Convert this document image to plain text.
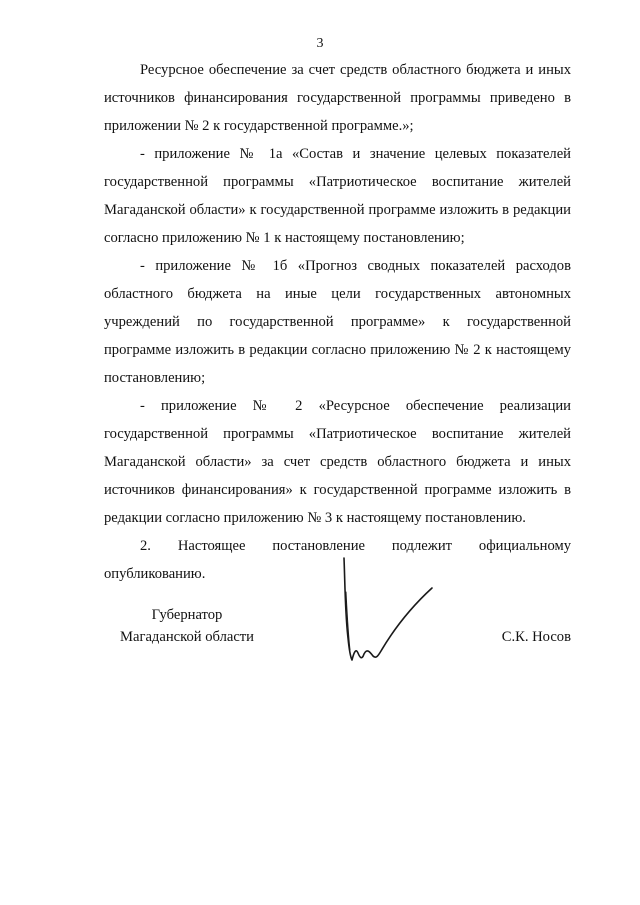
3

Ресурсное обеспечение за счет средств областного бюджета и иных источников финансирования государственной программы приведено в приложении № 2 к государственной программе.»;

- приложение № 1а «Состав и значение целевых показателей государственной программы «Патриотическое воспитание жителей Магаданской области» к государственной программе изложить в редакции согласно приложению № 1 к настоящему постановлению;

- приложение № 1б «Прогноз сводных показателей расходов областного бюджета на иные цели государственных автономных учреждений по государственной программе» к государственной программе изложить в редакции согласно приложению № 2 к настоящему постановлению;

- приложение № 2 «Ресурсное обеспечение реализации государственной программы «Патриотическое воспитание жителей Магаданской области» за счет средств областного бюджета и иных источников финансирования» к государственной программе изложить в редакции согласно приложению № 3 к настоящему постановлению.

2. Настоящее постановление подлежит официальному опубликованию.

Губернатор
Магаданской области	С.К. Носов
